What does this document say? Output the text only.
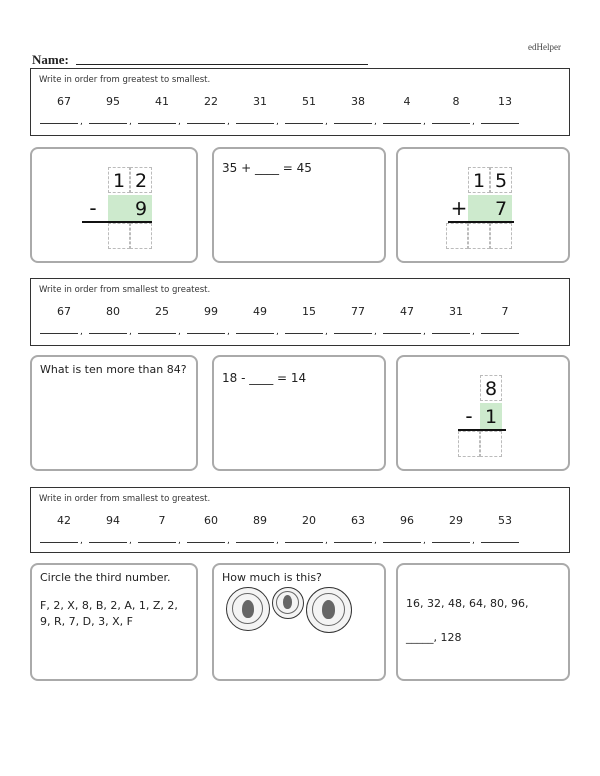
edHelper
Name:
Write in order from greatest to smallest.
67
,
95
,
41
,
22
,
31
,
51
,
38
,
4
,
8
,
13
1 2
- 9
35 + ____ = 45
1 5
+ 7
Write in order from smallest to greatest.
67
,
80
,
25
,
99
,
49
,
15
,
77
,
47
,
31
,
7
What is ten more than 84?
18 - ____ = 14	8
- 1
Write in order from smallest to greatest.
42
,
94
,
7
,
60
,
89
,
20
,
63
,
96
,
29
,
53
Circle the third number.
F, 2, X, 8, B, 2, A, 1, Z, 2,
9, R, 7, D, 3, X, F
How much is this?
16, 32, 48, 64, 80, 96,
_____, 128
